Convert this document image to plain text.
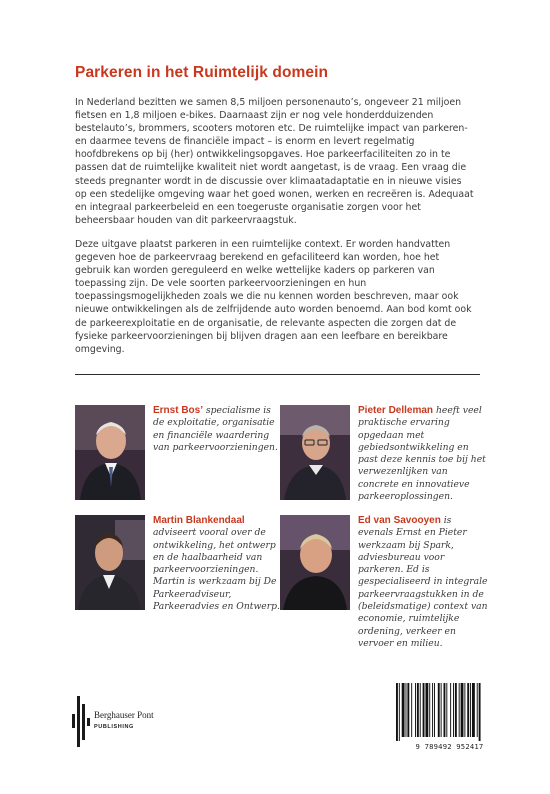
Parkeren in het Ruimtelijk domein

In Nederland bezitten we samen 8,5 miljoen personenauto’s, ongeveer 21 miljoen fietsen en 1,8 miljoen e-bikes. Daarnaast zijn er nog vele honderdduizenden bestelauto’s, brommers, scooters motoren etc. De ruimtelijke impact van parkeren- en daarmee tevens de financiële impact – is enorm en levert regelmatig hoofdbrekens op bij (her) ontwikkelingsopgaves. Hoe parkeerfaciliteiten zo in te passen dat de ruimtelijke kwaliteit niet wordt aangetast, is de vraag. Een vraag die steeds pregnanter wordt in de discussie over klimaatadaptatie en in nieuwe visies op een stedelijke omgeving waar het goed wonen, werken en recreëren is. Adequaat en integraal parkeerbeleid en een toegeruste organisatie zorgen voor het beheersbaar houden van dit parkeervraagstuk.

Deze uitgave plaatst parkeren in een ruimtelijke context. Er worden handvatten gegeven hoe de parkeervraag berekend en gefaciliteerd kan worden, hoe het gebruik kan worden gereguleerd en welke wettelijke kaders op parkeren van toepassing zijn. De vele soorten parkeervoorzieningen en hun toepassingsmogelijkheden zoals we die nu kennen worden beschreven, maar ook nieuwe ontwikkelingen als de zelfrijdende auto worden benoemd. Aan bod komt ook de parkeerexploitatie en de organisatie, de relevante aspecten die zorgen dat de fysieke parkeervoorzieningen bij blijven dragen aan een leefbare en bereikbare omgeving.

Ernst Bos’ specialisme is de exploitatie, organisatie en financiële waardering van parkeervoorzieningen.

Pieter Delleman heeft veel praktische ervaring opgedaan met gebiedsontwikkeling en past deze kennis toe bij het verwezenlijken van concrete en innovatieve parkeeroplossingen.

Martin Blankendaal adviseert vooral over de ontwikkeling, het ontwerp en de haalbaarheid van parkeervoorzieningen. Martin is werkzaam bij De Parkeeradviseur, Parkeeradvies en Ontwerp.

Ed van Savooyen is evenals Ernst en Pieter werkzaam bij Spark, adviesbureau voor parkeren. Ed is gespecialiseerd in integrale parkeervraagstukken in de (beleidsmatige) context van economie, ruimtelijke ordening, verkeer en vervoer en milieu.

Berghauser Pont
PUBLISHING
9 789492 952417
